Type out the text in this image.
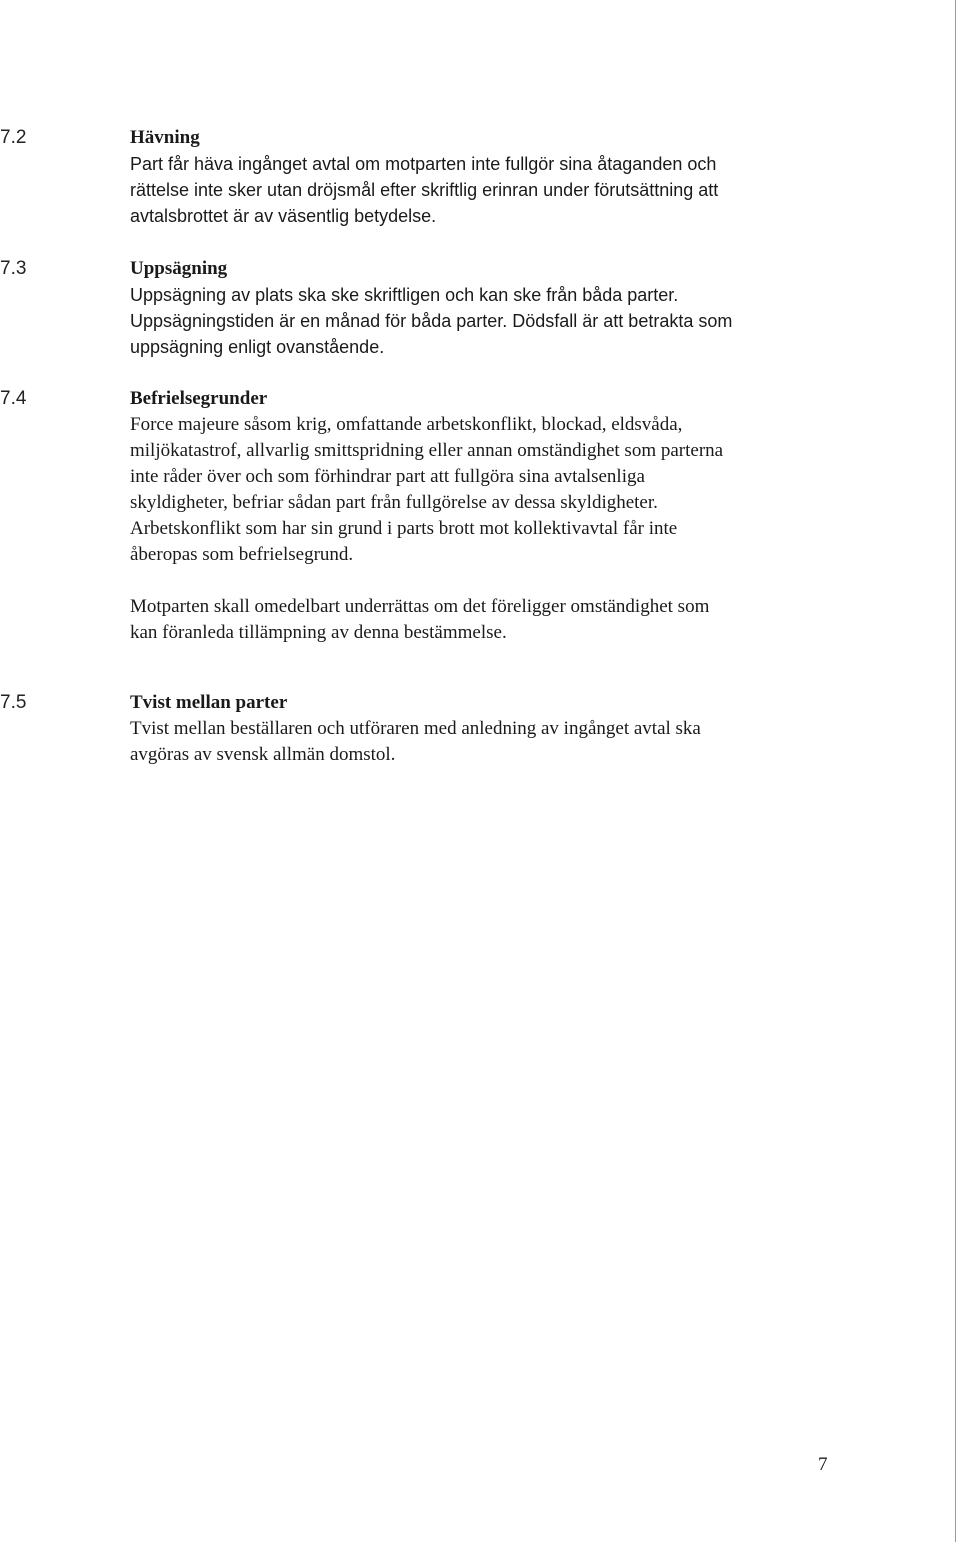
7.2	Hävning

Part får häva ingånget avtal om motparten inte fullgör sina åtaganden och
rättelse inte sker utan dröjsmål efter skriftlig erinran under förutsättning att
avtalsbrottet är av väsentlig betydelse.

7.3	Uppsägning

Uppsägning av plats ska ske skriftligen och kan ske från båda parter.
Uppsägningstiden är en månad för båda parter. Dödsfall är att betrakta som
uppsägning enligt ovanstående.

7.4	Befrielsegrunder

Force majeure såsom krig, omfattande arbetskonflikt, blockad, eldsvåda,
miljökatastrof, allvarlig smittspridning eller annan omständighet som parterna
inte råder över och som förhindrar part att fullgöra sina avtalsenliga
skyldigheter, befriar sådan part från fullgörelse av dessa skyldigheter.
Arbetskonflikt som har sin grund i parts brott mot kollektivavtal får inte
åberopas som befrielsegrund.

Motparten skall omedelbart underrättas om det föreligger omständighet som
kan föranleda tillämpning av denna bestämmelse.

7.5	Tvist mellan parter

Tvist mellan beställaren och utföraren med anledning av ingånget avtal ska
avgöras av svensk allmän domstol.

7
